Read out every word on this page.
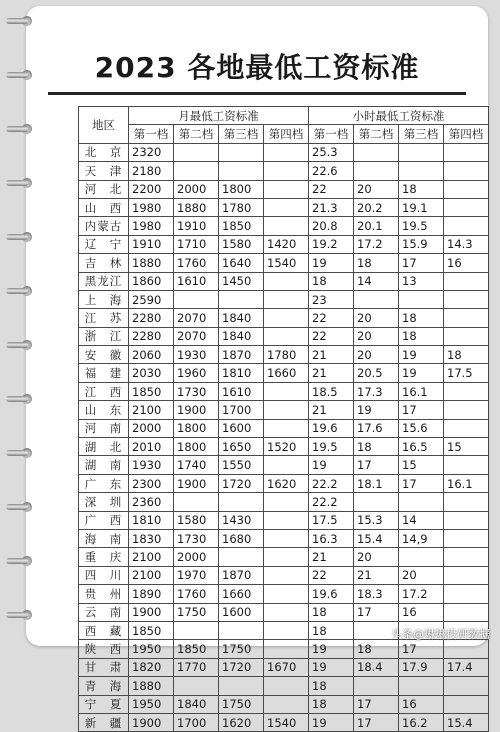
2023 各地最低工资标准
地区	月最低工资标准				小时最低工资标准			
	第一档	第二档	第三档	第四档	第一档	第二档	第三档	第四档
北　京	2320				25.3			
天　津	2180				22.6			
河　北	2200	2000	1800		22	20	18	
山　西	1980	1880	1780		21.3	20.2	19.1	
内蒙古	1980	1910	1850		20.8	20.1	19.5	
辽　宁	1910	1710	1580	1420	19.2	17.2	15.9	14.3
吉　林	1880	1760	1640	1540	19	18	17	16
黑龙江	1860	1610	1450		18	14	13	
上　海	2590				23			
江　苏	2280	2070	1840		22	20	18	
浙　江	2280	2070	1840		22	20	18	
安　徽	2060	1930	1870	1780	21	20	19	18
福　建	2030	1960	1810	1660	21	20.5	19	17.5
江　西	1850	1730	1610		18.5	17.3	16.1	
山　东	2100	1900	1700		21	19	17	
河　南	2000	1800	1600		19.6	17.6	15.6	
湖　北	2010	1800	1650	1520	19.5	18	16.5	15
湖　南	1930	1740	1550		19	17	15	
广　东	2300	1900	1720	1620	22.2	18.1	17	16.1
深　圳	2360				22.2			
广　西	1810	1580	1430		17.5	15.3	14	
海　南	1830	1730	1680		16.3	15.4	14,9	
重　庆	2100	2000			21	20		
四　川	2100	1970	1870		22	21	20	
贵　州	1890	1760	1660		19.6	18.3	17.2	
云　南	1900	1750	1600		18	17	16	
西　藏	1850				18			
陕　西	1950	1850	1750		19	18	17	
甘　肃	1820	1770	1720	1670	19	18.4	17.9	17.4
青　海	1880				18			
宁　夏	1950	1840	1750		18	17	16	
新　疆	1900	1700	1620	1540	19	17	16.2	15.4
头条@琳琳投研数据
